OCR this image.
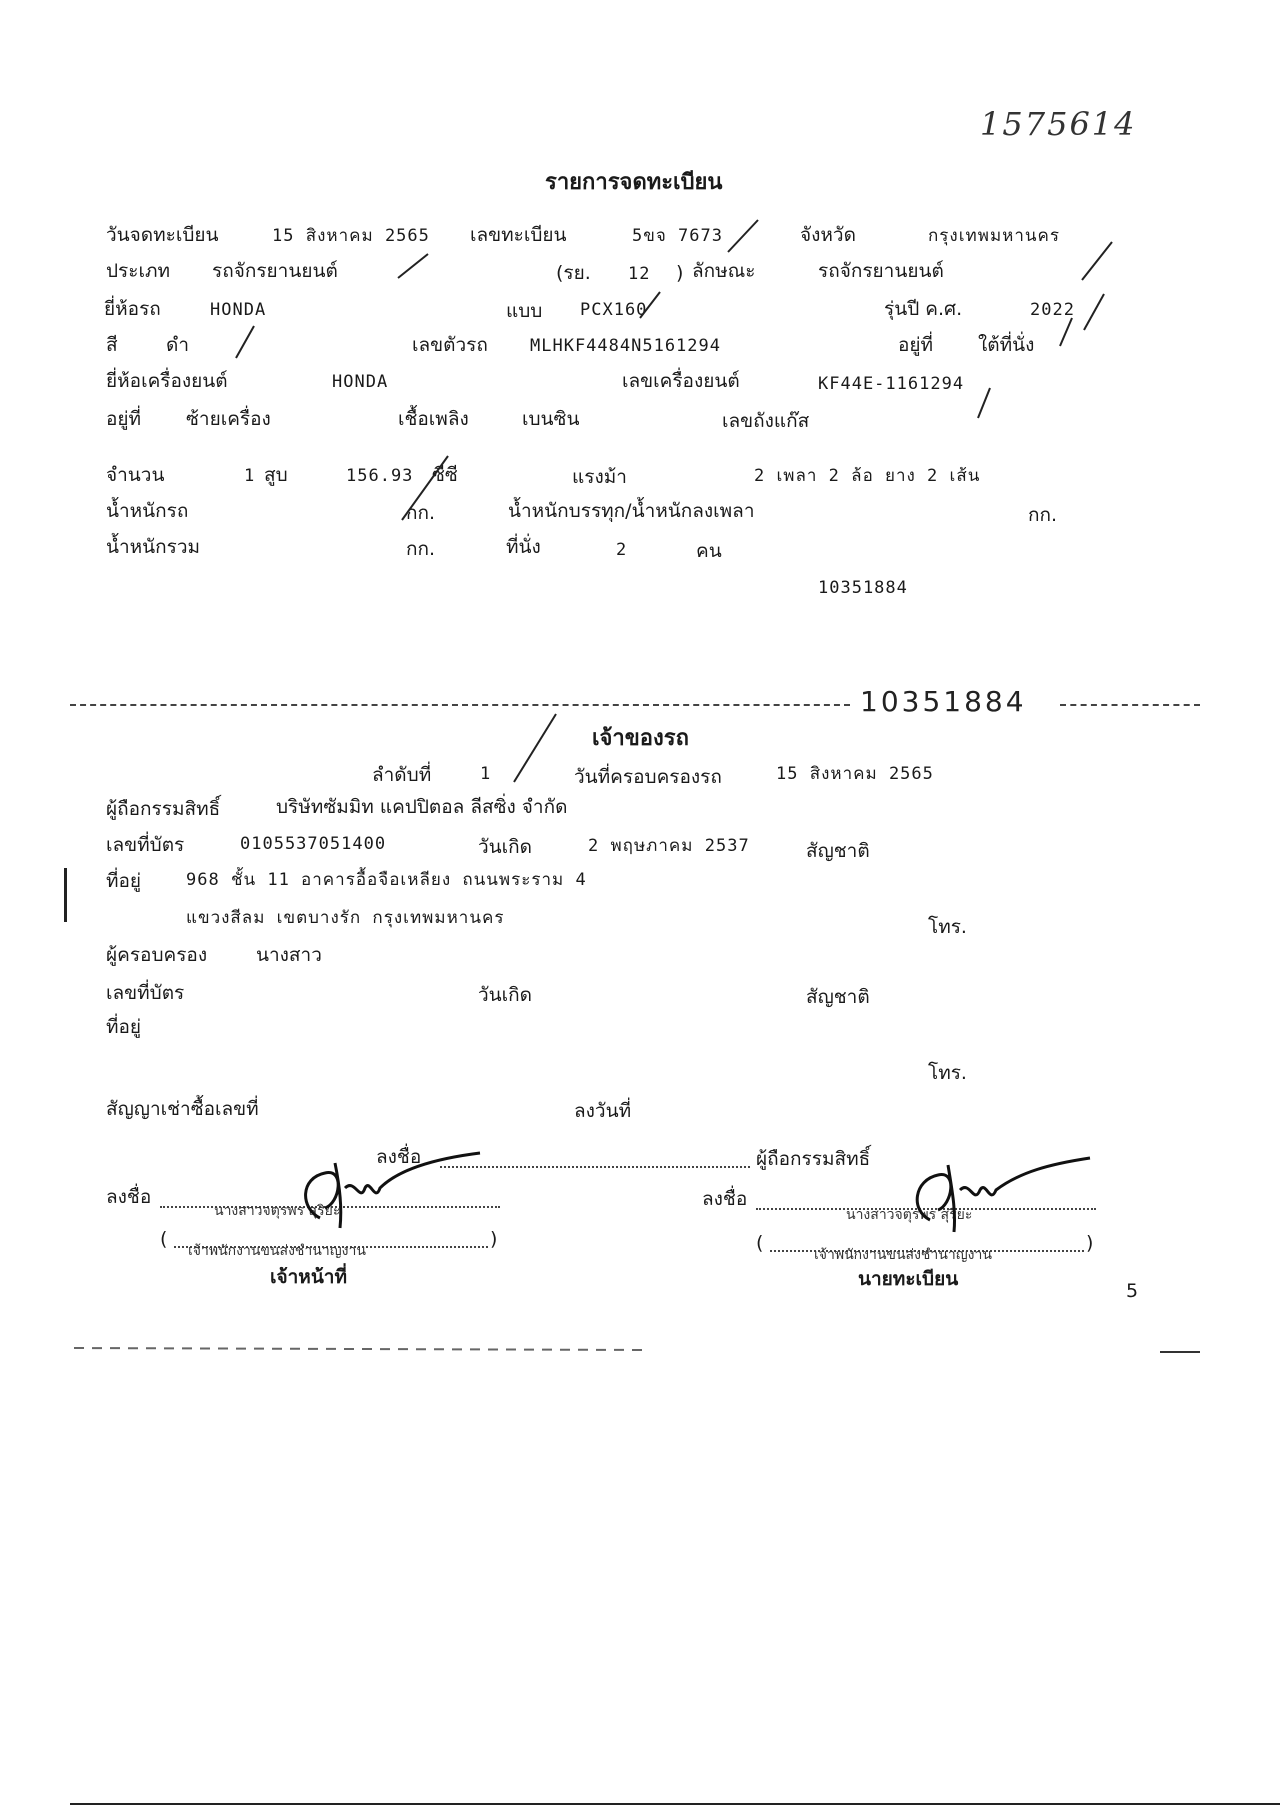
1575614
รายการจดทะเบียน
วันจดทะเบียน	15 สิงหาคม 2565 เลขทะเบียน	5ขจ 7673	จังหวัด	กรุงเทพมหานคร
ประเภท รถจักรยานยนต์	(รย. 12 ) ลักษณะ	รถจักรยานยนต์
ยี่ห้อรถ	HONDA	แบบ PCX160	รุ่นปี ค.ศ.	2022
สี	ดำ	เลขตัวรถ MLHKF4484N5161294	อยู่ที่ ใต้ที่นั่ง
ยี่ห้อเครื่องยนต์	HONDA	เลขเครื่องยนต์	KF44E-1161294
อยู่ที่ ซ้ายเครื่อง	เชื้อเพลิง	เบนซิน	เลขถังแก๊ส
จำนวน	1 สูบ	156.93 ซีซี	แรงม้า	2 เพลา 2 ล้อ ยาง 2 เส้น
น้ำหนักรถ	กก.	น้ำหนักบรรทุก/น้ำหนักลงเพลา	กก.
น้ำหนักรวม	กก.	ที่นั่ง	2	คน
10351884
10351884
เจ้าของรถ
ลำดับที่	1	วันที่ครอบครองรถ	15 สิงหาคม 2565
ผู้ถือกรรมสิทธิ์	บริษัทซัมมิท แคปปิตอล ลีสซิ่ง จำกัด
เลขที่บัตร	0105537051400	วันเกิด	2 พฤษภาคม 2537	สัญชาติ
ที่อยู่	968 ชั้น 11 อาคารอื้อจือเหลียง ถนนพระราม 4
แขวงสีลม เขตบางรัก กรุงเทพมหานคร	โทร.
ผู้ครอบครอง	นางสาว
เลขที่บัตร	วันเกิด	สัญชาติ
ที่อยู่
โทร.
สัญญาเช่าซื้อเลขที่	ลงวันที่
ลงชื่อ	ผู้ถือกรรมสิทธิ์
ลงชื่อ
นางสาวจตุรพร สุริยะ
(	)
เจ้าพนักงานขนส่งชำนาญงาน
เจ้าหน้าที่
ลงชื่อ
นางสาวจตุรพร สุริยะ
(	)
เจ้าพนักงานขนส่งชำนาญงาน
นายทะเบียน
5
